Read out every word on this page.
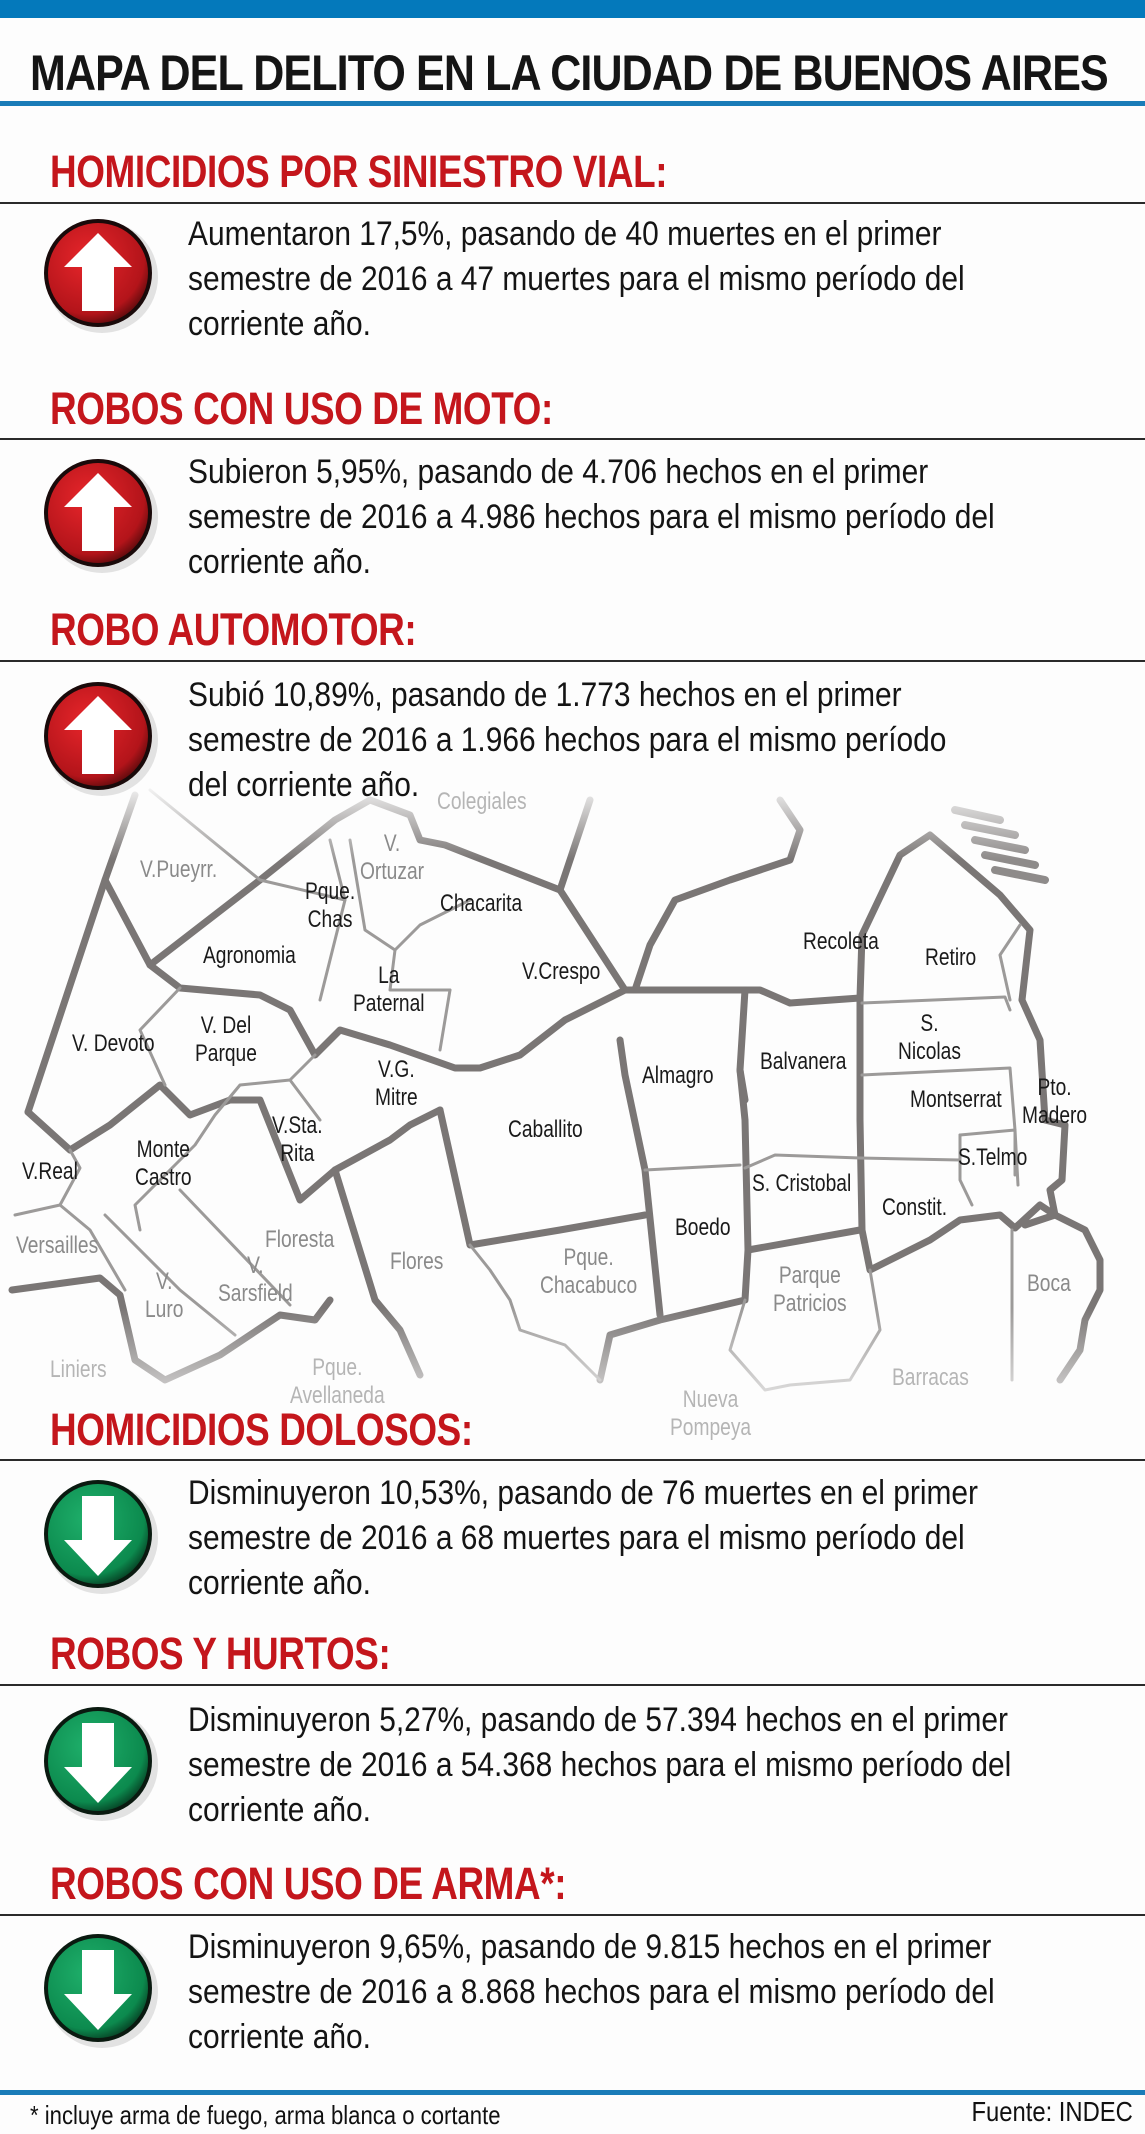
MAPA DEL DELITO EN LA CIUDAD DE BUENOS AIRES
Colegiales
V.Pueyrr.
V.
Ortuzar
Pque.
Chas
Chacarita
Agronomia
La
Paternal
V.Crespo
Recoleta
Retiro
V. Devoto
V. Del
Parque
V.G.
Mitre
Almagro
Balvanera
S.
Nicolas
Montserrat	Pto.
Madero
Caballito
V.Sta.
Rita
V.Real
Monte
Castro
S.Telmo
S. Cristobal
Constit.
Versailles	Floresta
Flores
Boedo
V.
Luro
V.
Sarsfield
Pque.
Chacabuco	Parque
Patricios
Boca
Liniers	Pque.
Avellaneda
Barracas
Nueva
Pompeya
HOMICIDIOS POR SINIESTRO VIAL:
Aumentaron 17,5%, pasando de 40 muertes en el primer
semestre de 2016 a 47 muertes para el mismo período del
corriente año.
ROBOS CON USO DE MOTO:
Subieron 5,95%, pasando de 4.706 hechos en el primer
semestre de 2016 a 4.986 hechos para el mismo período del
corriente año.
ROBO AUTOMOTOR:
Subió 10,89%, pasando de 1.773 hechos en el primer
semestre de 2016 a 1.966 hechos para el mismo período
del corriente año.
HOMICIDIOS DOLOSOS:
Disminuyeron 10,53%, pasando de 76 muertes en el primer
semestre de 2016 a 68 muertes para el mismo período del
corriente año.
ROBOS Y HURTOS:
Disminuyeron 5,27%, pasando de 57.394 hechos en el primer
semestre de 2016 a 54.368 hechos para el mismo período del
corriente año.
ROBOS CON USO DE ARMA*:
Disminuyeron 9,65%, pasando de 9.815 hechos en el primer
semestre de 2016 a 8.868 hechos para el mismo período del
corriente año.
* incluye arma de fuego, arma blanca o cortante	Fuente: INDEC
